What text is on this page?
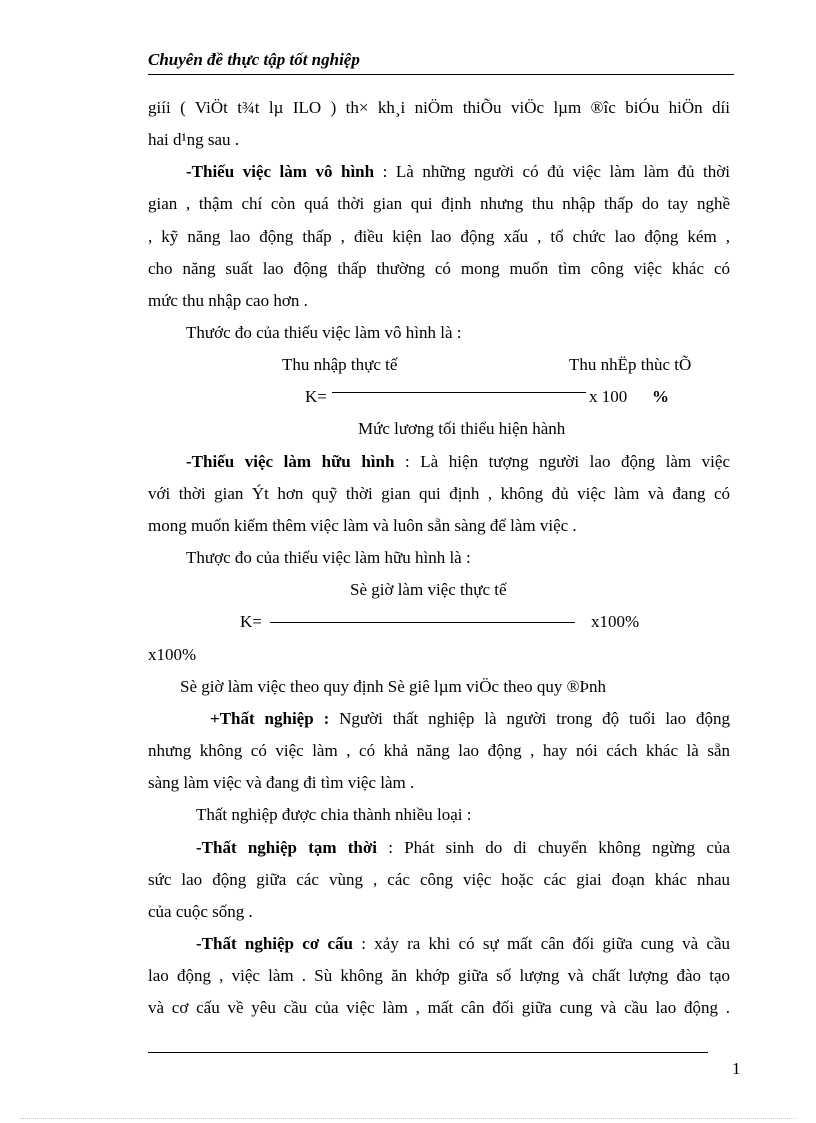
Chuyên đề thực tập tốt nghiệp
giíi ( ViÖt t¾t lµ ILO ) th× kh¸i niÖm thiÕu viÖc lµm ®îc biÓu hiÖn díi
hai d¹ng sau .
-Thiếu việc làm vô hình : Là những người có đủ việc làm làm đủ thời
gian , thậm chí còn quá thời gian qui định nhưng thu nhập thấp do tay nghề
, kỹ năng lao động thấp , điều kiện lao động xấu , tổ chức lao động kém ,
cho năng suất lao động thấp thường có mong muốn tìm công việc khác có
mức thu nhập cao hơn .
Thước đo của thiếu việc làm vô hình là :
Thu nhập thực tế	Thu nhËp thùc tÕ
K=	x 100 %
Mức lương tối thiểu hiện hành
-Thiếu việc làm hữu hình : Là hiện tượng người lao động làm việc
với thời gian Ýt hơn quỹ thời gian qui định , không đủ việc làm và đang có
mong muốn kiếm thêm việc làm và luôn sẵn sàng để làm việc .
Thược đo của thiếu việc làm hữu hình là :
Sè giờ làm việc thực tế
K=	x100%
x100%
Sè giờ làm việc theo quy định Sè giê lµm viÖc theo quy ®Þnh
+Thất nghiệp : Người thất nghiệp là người trong độ tuổi lao động
nhưng không có việc làm , có khả năng lao động , hay nói cách khác là sẵn
sàng làm việc và đang đi tìm việc làm .
Thất nghiệp được chia thành nhiều loại :
-Thất nghiệp tạm thời : Phát sinh do di chuyển không ngừng của
sức lao động giữa các vùng , các công việc hoặc các giai đoạn khác nhau
của cuộc sống .
-Thất nghiệp cơ cấu : xảy ra khi có sự mất cân đối giữa cung và cầu
lao động , việc làm . Sù không ăn khớp giữa số lượng và chất lượng đào tạo
và cơ cấu về yêu cầu của việc làm , mất cân đối giữa cung và cầu lao động .
1
